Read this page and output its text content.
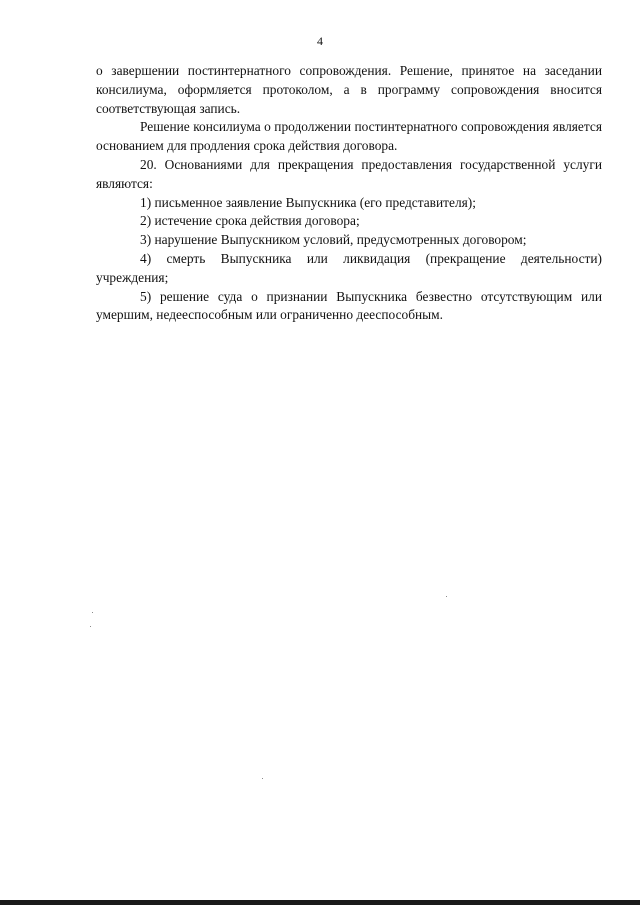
4

о завершении постинтернатного сопровождения. Решение, принятое на заседании консилиума, оформляется протоколом, а в программу сопровождения вносится соответствующая запись.

Решение консилиума о продолжении постинтернатного сопровождения является основанием для продления срока действия договора.

20. Основаниями для прекращения предоставления государственной услуги являются:

1) письменное заявление Выпускника (его представителя);

2) истечение срока действия договора;

3) нарушение Выпускником условий, предусмотренных договором;

4) смерть Выпускника или ликвидация (прекращение деятельности) учреждения;

5) решение суда о признании Выпускника безвестно отсутствующим или умершим, недееспособным или ограниченно дееспособным.
